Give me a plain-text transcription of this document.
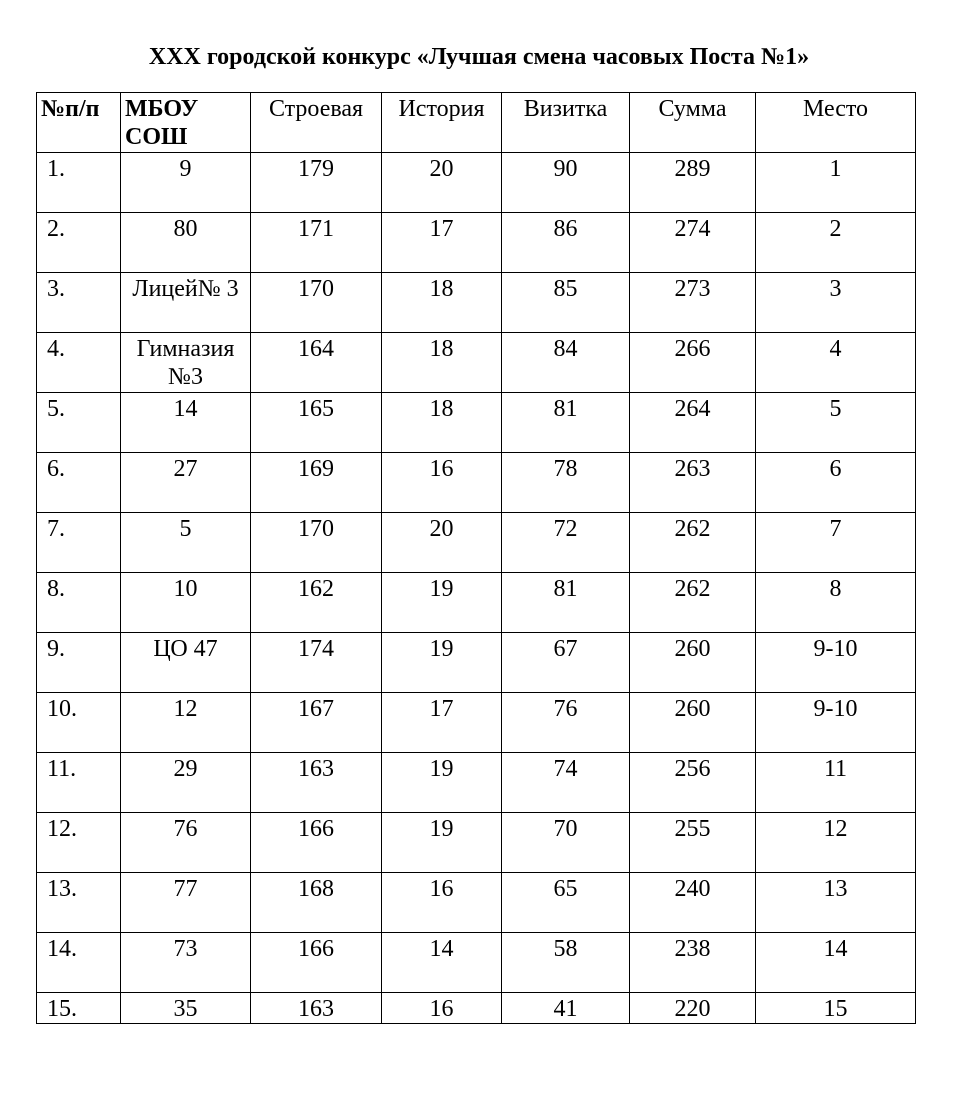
XXX городской конкурс «Лучшая смена часовых Поста №1»
№п/п	МБОУ СОШ	Строевая	История	Визитка	Сумма	Место
1.	9	179	20	90	289	1
2.	80	171	17	86	274	2
3.	Лицей№ 3	170	18	85	273	3
4.	Гимназия №3	164	18	84	266	4
5.	14	165	18	81	264	5
6.	27	169	16	78	263	6
7.	5	170	20	72	262	7
8.	10	162	19	81	262	8
9.	ЦО 47	174	19	67	260	9-10
10.	12	167	17	76	260	9-10
11.	29	163	19	74	256	11
12.	76	166	19	70	255	12
13.	77	168	16	65	240	13
14.	73	166	14	58	238	14
15.	35	163	16	41	220	15
